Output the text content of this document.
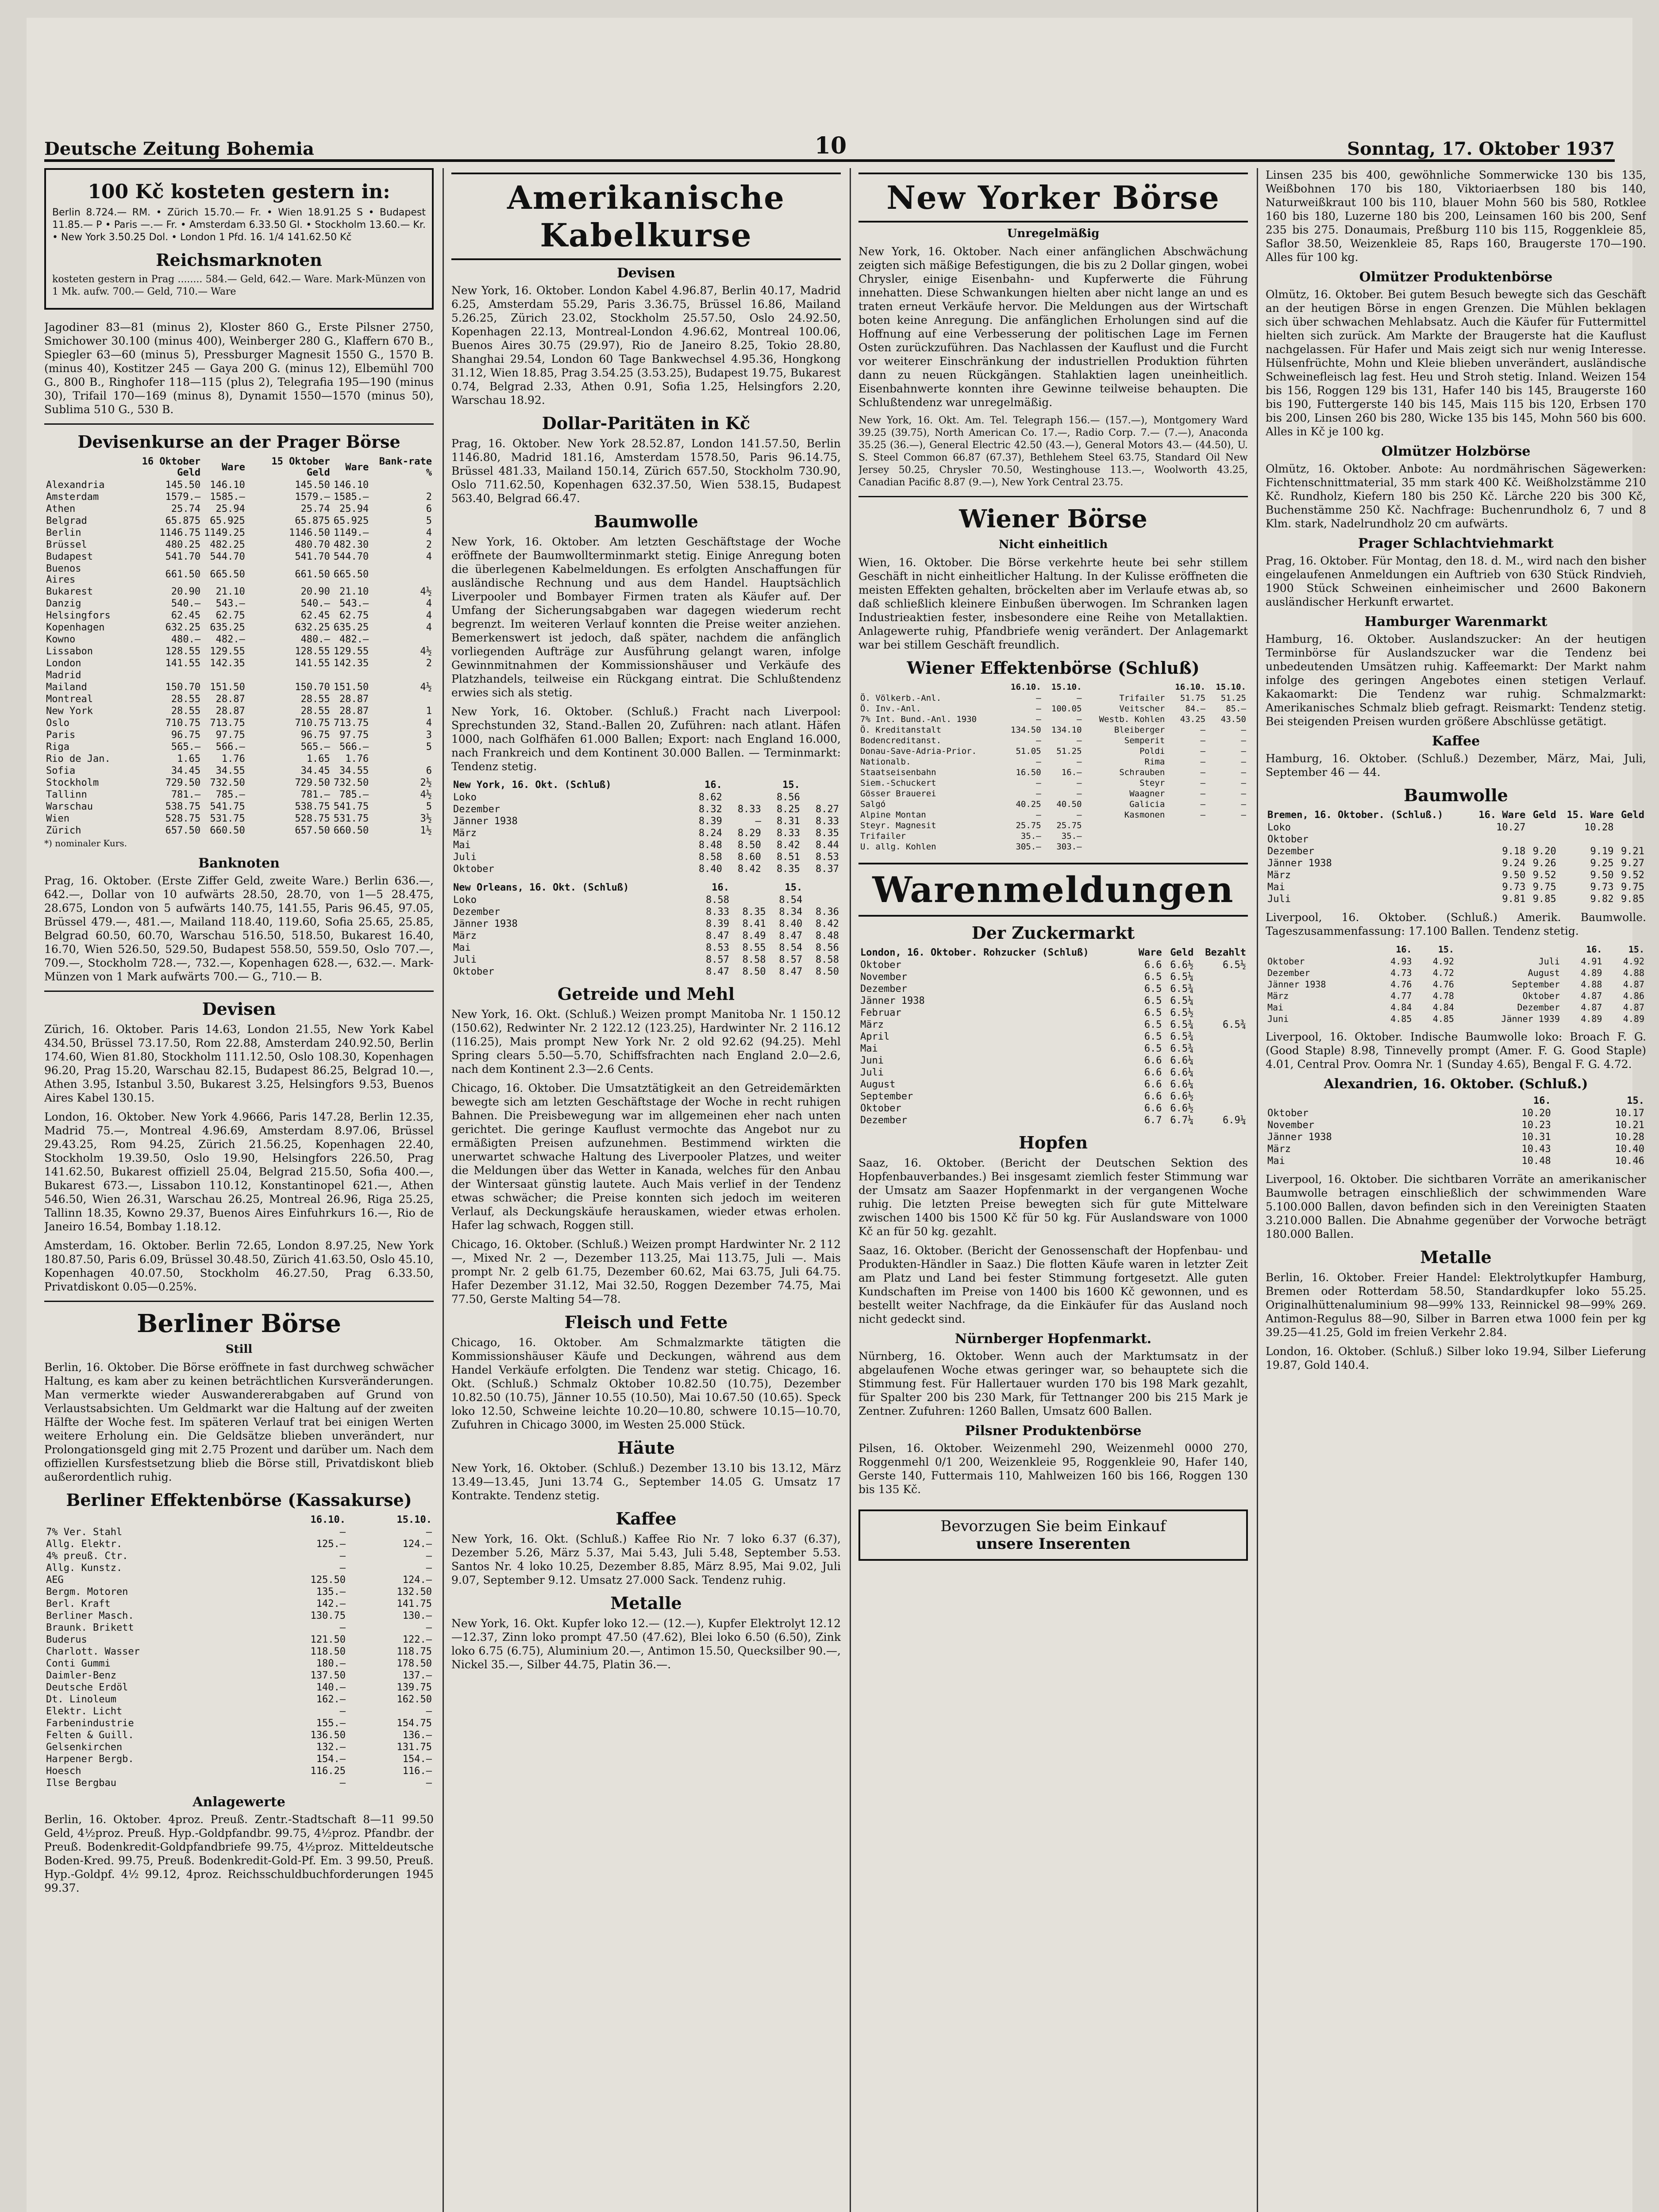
Deutsche Zeitung Bohemia	10	Sonntag, 17. Oktober 1937
100 Kč kosteten gestern in:

Berlin 8.724.— RM. • Zürich 15.70.— Fr. • Wien 18.91.25 S • Budapest 11.85.— P • Paris —.— Fr. • Amsterdam 6.33.50 Gl. • Stockholm 13.60.— Kr. • New York 3.50.25 Dol. • London 1 Pfd. 16. 1/4 141.62.50 Kč

Reichsmarknoten

kosteten gestern in Prag ........ 584.— Geld, 642.— Ware. Mark-Münzen von 1 Mk. aufw. 700.— Geld, 710.— Ware

Jagodiner 83—81 (minus 2), Kloster 860 G., Erste Pilsner 2750, Smichower 30.100 (minus 400), Weinberger 280 G., Klaffern 670 B., Spiegler 63—60 (minus 5), Pressburger Magnesit 1550 G., 1570 B. (minus 40), Kostitzer 245 — Gaya 200 G. (minus 12), Elbemühl 700 G., 800 B., Ringhofer 118—115 (plus 2), Telegrafia 195—190 (minus 30), Trifail 170—169 (minus 8), Dynamit 1550—1570 (minus 50), Sublima 510 G., 530 B.

Devisenkurse an der Prager Börse
	16 Oktober Geld	Ware	15 Oktober Geld	Ware	Bank-rate %
Alexandria	145.50	146.10	145.50	146.10	
Amsterdam	1579.—	1585.—	1579.—	1585.—	2
Athen	25.74	25.94	25.74	25.94	6
Belgrad	65.875	65.925	65.875	65.925	5
Berlin	1146.75	1149.25	1146.50	1149.—	4
Brüssel	480.25	482.25	480.70	482.30	2
Budapest	541.70	544.70	541.70	544.70	4
Buenos Aires	661.50	665.50	661.50	665.50	
Bukarest	20.90	21.10	20.90	21.10	4½
Danzig	540.—	543.—	540.—	543.—	4
Helsingfors	62.45	62.75	62.45	62.75	4
Kopenhagen	632.25	635.25	632.25	635.25	4
Kowno	480.—	482.—	480.—	482.—	
Lissabon	128.55	129.55	128.55	129.55	4½
London	141.55	142.35	141.55	142.35	2
Madrid					
Mailand	150.70	151.50	150.70	151.50	4½
Montreal	28.55	28.87	28.55	28.87	
New York	28.55	28.87	28.55	28.87	1
Oslo	710.75	713.75	710.75	713.75	4
Paris	96.75	97.75	96.75	97.75	3
Riga	565.—	566.—	565.—	566.—	5
Rio de Jan.	1.65	1.76	1.65	1.76	
Sofia	34.45	34.55	34.45	34.55	6
Stockholm	729.50	732.50	729.50	732.50	2½
Tallinn	781.—	785.—	781.—	785.—	4½
Warschau	538.75	541.75	538.75	541.75	5
Wien	528.75	531.75	528.75	531.75	3½
Zürich	657.50	660.50	657.50	660.50	1½

*) nominaler Kurs.

Banknoten

Prag, 16. Oktober. (Erste Ziffer Geld, zweite Ware.) Berlin 636.—, 642.—, Dollar von 10 aufwärts 28.50, 28.70, von 1—5 28.475, 28.675, London von 5 aufwärts 140.75, 141.55, Paris 96.45, 97.05, Brüssel 479.—, 481.—, Mailand 118.40, 119.60, Sofia 25.65, 25.85, Belgrad 60.50, 60.70, Warschau 516.50, 518.50, Bukarest 16.40, 16.70, Wien 526.50, 529.50, Budapest 558.50, 559.50, Oslo 707.—, 709.—, Stockholm 728.—, 732.—, Kopenhagen 628.—, 632.—. Mark-Münzen von 1 Mark aufwärts 700.— G., 710.— B.

Devisen

Zürich, 16. Oktober. Paris 14.63, London 21.55, New York Kabel 434.50, Brüssel 73.17.50, Rom 22.88, Amsterdam 240.92.50, Berlin 174.60, Wien 81.80, Stockholm 111.12.50, Oslo 108.30, Kopenhagen 96.20, Prag 15.20, Warschau 82.15, Budapest 86.25, Belgrad 10.—, Athen 3.95, Istanbul 3.50, Bukarest 3.25, Helsingfors 9.53, Buenos Aires Kabel 130.15.

London, 16. Oktober. New York 4.9666, Paris 147.28, Berlin 12.35, Madrid 75.—, Montreal 4.96.69, Amsterdam 8.97.06, Brüssel 29.43.25, Rom 94.25, Zürich 21.56.25, Kopenhagen 22.40, Stockholm 19.39.50, Oslo 19.90, Helsingfors 226.50, Prag 141.62.50, Bukarest offiziell 25.04, Belgrad 215.50, Sofia 400.—, Bukarest 673.—, Lissabon 110.12, Konstantinopel 621.—, Athen 546.50, Wien 26.31, Warschau 26.25, Montreal 26.96, Riga 25.25, Tallinn 18.35, Kowno 29.37, Buenos Aires Einfuhrkurs 16.—, Rio de Janeiro 16.54, Bombay 1.18.12.

Amsterdam, 16. Oktober. Berlin 72.65, London 8.97.25, New York 180.87.50, Paris 6.09, Brüssel 30.48.50, Zürich 41.63.50, Oslo 45.10, Kopenhagen 40.07.50, Stockholm 46.27.50, Prag 6.33.50, Privatdiskont 0.05—0.25%.

Berliner Börse
Still

Berlin, 16. Oktober. Die Börse eröffnete in fast durchweg schwächer Haltung, es kam aber zu keinen beträchtlichen Kursveränderungen. Man vermerkte wieder Auswandererabgaben auf Grund von Verlaustsabsichten. Um Geldmarkt war die Haltung auf der zweiten Hälfte der Woche fest. Im späteren Verlauf trat bei einigen Werten weitere Erholung ein. Die Geldsätze blieben unverändert, nur Prolongationsgeld ging mit 2.75 Prozent und darüber um. Nach dem offiziellen Kursfestsetzung blieb die Börse still, Privatdiskont blieb außerordentlich ruhig.

Berliner Effektenbörse (Kassakurse)
	16.10.	15.10.
7% Ver. Stahl	—	—
Allg. Elektr.	125.—	124.—
4% preuß. Ctr.	—	—
Allg. Kunstz.	—	—
AEG	125.50	124.—
Bergm. Motoren	135.—	132.50
Berl. Kraft	142.—	141.75
Berliner Masch.	130.75	130.—
Braunk. Brikett	—	—
Buderus	121.50	122.—
Charlott. Wasser	118.50	118.75
Conti Gummi	180.—	178.50
Daimler-Benz	137.50	137.—
Deutsche Erdöl	140.—	139.75
Dt. Linoleum	162.—	162.50
Elektr. Licht	—	—
Farbenindustrie	155.—	154.75
Felten & Guill.	136.50	136.—
Gelsenkirchen	132.—	131.75
Harpener Bergb.	154.—	154.—
Hoesch	116.25	116.—
Ilse Bergbau	—	—
Anlagewerte

Berlin, 16. Oktober. 4proz. Preuß. Zentr.-Stadtschaft 8—11 99.50 Geld, 4½proz. Preuß. Hyp.-Goldpfandbr. 99.75, 4½proz. Pfandbr. der Preuß. Bodenkredit-Goldpfandbriefe 99.75, 4½proz. Mitteldeutsche Boden-Kred. 99.75, Preuß. Bodenkredit-Gold-Pf. Em. 3 99.50, Preuß. Hyp.-Goldpf. 4½ 99.12, 4proz. Reichsschuldbuchforderungen 1945 99.37.

Amerikanische Kabelkurse
Devisen

New York, 16. Oktober. London Kabel 4.96.87, Berlin 40.17, Madrid 6.25, Amsterdam 55.29, Paris 3.36.75, Brüssel 16.86, Mailand 5.26.25, Zürich 23.02, Stockholm 25.57.50, Oslo 24.92.50, Kopenhagen 22.13, Montreal-London 4.96.62, Montreal 100.06, Buenos Aires 30.75 (29.97), Rio de Janeiro 8.25, Tokio 28.80, Shanghai 29.54, London 60 Tage Bankwechsel 4.95.36, Hongkong 31.12, Wien 18.85, Prag 3.54.25 (3.53.25), Budapest 19.75, Bukarest 0.74, Belgrad 2.33, Athen 0.91, Sofia 1.25, Helsingfors 2.20, Warschau 18.92.

Dollar-Paritäten in Kč

Prag, 16. Oktober. New York 28.52.87, London 141.57.50, Berlin 1146.80, Madrid 181.16, Amsterdam 1578.50, Paris 96.14.75, Brüssel 481.33, Mailand 150.14, Zürich 657.50, Stockholm 730.90, Oslo 711.62.50, Kopenhagen 632.37.50, Wien 538.15, Budapest 563.40, Belgrad 66.47.

Baumwolle

New York, 16. Oktober. Am letzten Geschäftstage der Woche eröffnete der Baumwollterminmarkt stetig. Einige Anregung boten die überlegenen Kabelmeldungen. Es erfolgten Anschaffungen für ausländische Rechnung und aus dem Handel. Hauptsächlich Liverpooler und Bombayer Firmen traten als Käufer auf. Der Umfang der Sicherungsabgaben war dagegen wiederum recht begrenzt. Im weiteren Verlauf konnten die Preise weiter anziehen. Bemerkenswert ist jedoch, daß später, nachdem die anfänglich vorliegenden Aufträge zur Ausführung gelangt waren, infolge Gewinnmitnahmen der Kommissionshäuser und Verkäufe des Platzhandels, teilweise ein Rückgang eintrat. Die Schlußtendenz erwies sich als stetig.

New York, 16. Oktober. (Schluß.) Fracht nach Liverpool: Sprechstunden 32, Stand.-Ballen 20, Zuführen: nach atlant. Häfen 1000, nach Golfhäfen 61.000 Ballen; Export: nach England 16.000, nach Frankreich und dem Kontinent 30.000 Ballen. — Terminmarkt: Tendenz stetig.

New York, 16. Okt. (Schluß)	16.		15.	
Loko	8.62		8.56	
Dezember	8.32	8.33	8.25	8.27
Jänner 1938	8.39	—	8.31	8.33
März	8.24	8.29	8.33	8.35
Mai	8.48	8.50	8.42	8.44
Juli	8.58	8.60	8.51	8.53
Oktober	8.40	8.42	8.35	8.37
New Orleans, 16. Okt. (Schluß)	16.		15.	
Loko	8.58		8.54	
Dezember	8.33	8.35	8.34	8.36
Jänner 1938	8.39	8.41	8.40	8.42
März	8.47	8.49	8.47	8.48
Mai	8.53	8.55	8.54	8.56
Juli	8.57	8.58	8.57	8.58
Oktober	8.47	8.50	8.47	8.50
Getreide und Mehl

New York, 16. Okt. (Schluß.) Weizen prompt Manitoba Nr. 1 150.12 (150.62), Redwinter Nr. 2 122.12 (123.25), Hardwinter Nr. 2 116.12 (116.25), Mais prompt New York Nr. 2 old 92.62 (94.25). Mehl Spring clears 5.50—5.70, Schiffsfrachten nach England 2.0—2.6, nach dem Kontinent 2.3—2.6 Cents.

Chicago, 16. Oktober. Die Umsatztätigkeit an den Getreidemärkten bewegte sich am letzten Geschäftstage der Woche in recht ruhigen Bahnen. Die Preisbewegung war im allgemeinen eher nach unten gerichtet. Die geringe Kauflust vermochte das Angebot nur zu ermäßigten Preisen aufzunehmen. Bestimmend wirkten die unerwartet schwache Haltung des Liverpooler Platzes, und weiter die Meldungen über das Wetter in Kanada, welches für den Anbau der Wintersaat günstig lautete. Auch Mais verlief in der Tendenz etwas schwächer; die Preise konnten sich jedoch im weiteren Verlauf, als Deckungskäufe herauskamen, wieder etwas erholen. Hafer lag schwach, Roggen still.

Chicago, 16. Oktober. (Schluß.) Weizen prompt Hardwinter Nr. 2 112—, Mixed Nr. 2 —, Dezember 113.25, Mai 113.75, Juli —. Mais prompt Nr. 2 gelb 61.75, Dezember 60.62, Mai 63.75, Juli 64.75. Hafer Dezember 31.12, Mai 32.50, Roggen Dezember 74.75, Mai 77.50, Gerste Malting 54—78.

Fleisch und Fette

Chicago, 16. Oktober. Am Schmalzmarkte tätigten die Kommissionshäuser Käufe und Deckungen, während aus dem Handel Verkäufe erfolgten. Die Tendenz war stetig. Chicago, 16. Okt. (Schluß.) Schmalz Oktober 10.82.50 (10.75), Dezember 10.82.50 (10.75), Jänner 10.55 (10.50), Mai 10.67.50 (10.65). Speck loko 12.50, Schweine leichte 10.20—10.80, schwere 10.15—10.70, Zufuhren in Chicago 3000, im Westen 25.000 Stück.

Häute

New York, 16. Oktober. (Schluß.) Dezember 13.10 bis 13.12, März 13.49—13.45, Juni 13.74 G., September 14.05 G. Umsatz 17 Kontrakte. Tendenz stetig.

Kaffee

New York, 16. Okt. (Schluß.) Kaffee Rio Nr. 7 loko 6.37 (6.37), Dezember 5.26, März 5.37, Mai 5.43, Juli 5.48, September 5.53. Santos Nr. 4 loko 10.25, Dezember 8.85, März 8.95, Mai 9.02, Juli 9.07, September 9.12. Umsatz 27.000 Sack. Tendenz ruhig.

Metalle

New York, 16. Okt. Kupfer loko 12.— (12.—), Kupfer Elektrolyt 12.12—12.37, Zinn loko prompt 47.50 (47.62), Blei loko 6.50 (6.50), Zink loko 6.75 (6.75), Aluminium 20.—, Antimon 15.50, Quecksilber 90.—, Nickel 35.—, Silber 44.75, Platin 36.—.

New Yorker Börse
Unregelmäßig

New York, 16. Oktober. Nach einer anfänglichen Abschwächung zeigten sich mäßige Befestigungen, die bis zu 2 Dollar gingen, wobei Chrysler, einige Eisenbahn- und Kupferwerte die Führung innehatten. Diese Schwankungen hielten aber nicht lange an und es traten erneut Verkäufe hervor. Die Meldungen aus der Wirtschaft boten keine Anregung. Die anfänglichen Erholungen sind auf die Hoffnung auf eine Verbesserung der politischen Lage im Fernen Osten zurückzuführen. Das Nachlassen der Kauflust und die Furcht vor weiterer Einschränkung der industriellen Produktion führten dann zu neuen Rückgängen. Stahlaktien lagen uneinheitlich. Eisenbahnwerte konnten ihre Gewinne teilweise behaupten. Die Schlußtendenz war unregelmäßig.

New York, 16. Okt. Am. Tel. Telegraph 156.— (157.—), Montgomery Ward 39.25 (39.75), North American Co. 17.—, Radio Corp. 7.— (7.—), Anaconda 35.25 (36.—), General Electric 42.50 (43.—), General Motors 43.— (44.50), U. S. Steel Common 66.87 (67.37), Bethlehem Steel 63.75, Standard Oil New Jersey 50.25, Chrysler 70.50, Westinghouse 113.—, Woolworth 43.25, Canadian Pacific 8.87 (9.—), New York Central 23.75.

Wiener Börse
Nicht einheitlich

Wien, 16. Oktober. Die Börse verkehrte heute bei sehr stillem Geschäft in nicht einheitlicher Haltung. In der Kulisse eröffneten die meisten Effekten gehalten, bröckelten aber im Verlaufe etwas ab, so daß schließlich kleinere Einbußen überwogen. Im Schranken lagen Industrieaktien fester, insbesondere eine Reihe von Metallaktien. Anlagewerte ruhig, Pfandbriefe wenig verändert. Der Anlagemarkt war bei stillem Geschäft freundlich.

Wiener Effektenbörse (Schluß)
	16.10.	15.10.		16.10.	15.10.
Ö. Völkerb.-Anl.	—	—	Trifailer	51.75	51.25
Ö. Inv.-Anl.	—	100.05	Veitscher	84.—	85.—
7% Int. Bund.-Anl. 1930	—	—	Westb. Kohlen	43.25	43.50
Ö. Kreditanstalt	134.50	134.10	Bleiberger	—	—
Bodencreditanst.	—	—	Semperit	—	—
Donau-Save-Adria-Prior.	51.05	51.25	Poldi	—	—
Nationalb.	—	—	Rima	—	—
Staatseisenbahn	16.50	16.—	Schrauben	—	—
Siem.-Schuckert	—	—	Steyr	—	—
Gösser Brauerei	—	—	Waagner	—	—
Salgó	40.25	40.50	Galicia	—	—
Alpine Montan	—	—	Kasmonen	—	—
Steyr. Magnesit	25.75	25.75			
Trifailer	35.—	35.—			
U. allg. Kohlen	305.—	303.—			
Warenmeldungen
Der Zuckermarkt
London, 16. Oktober. Rohzucker (Schluß)	Ware	Geld	Bezahlt
Oktober	6.6	6.6½	6.5½
November	6.5	6.5¼	
Dezember	6.5	6.5¾	
Jänner 1938	6.5	6.5¼	
Februar	6.5	6.5½	
März	6.5	6.5¾	6.5¾
April	6.5	6.5¾	
Mai	6.5	6.5¾	
Juni	6.6	6.6¼	
Juli	6.6	6.6¼	
August	6.6	6.6¼	
September	6.6	6.6½	
Oktober	6.6	6.6½	
Dezember	6.7	6.7¼	6.9¼
Hopfen

Saaz, 16. Oktober. (Bericht der Deutschen Sektion des Hopfenbauverbandes.) Bei insgesamt ziemlich fester Stimmung war der Umsatz am Saazer Hopfenmarkt in der vergangenen Woche ruhig. Die letzten Preise bewegten sich für gute Mittelware zwischen 1400 bis 1500 Kč für 50 kg. Für Auslandsware von 1000 Kč an für 50 kg. gezahlt.

Saaz, 16. Oktober. (Bericht der Genossenschaft der Hopfenbau- und Produkten-Händler in Saaz.) Die flotten Käufe waren in letzter Zeit am Platz und Land bei fester Stimmung fortgesetzt. Alle guten Kundschaften im Preise von 1400 bis 1600 Kč gewonnen, und es bestellt weiter Nachfrage, da die Einkäufer für das Ausland noch nicht gedeckt sind.

Nürnberger Hopfenmarkt.

Nürnberg, 16. Oktober. Wenn auch der Marktumsatz in der abgelaufenen Woche etwas geringer war, so behauptete sich die Stimmung fest. Für Hallertauer wurden 170 bis 198 Mark gezahlt, für Spalter 200 bis 230 Mark, für Tettnanger 200 bis 215 Mark je Zentner. Zufuhren: 1260 Ballen, Umsatz 600 Ballen.

Pilsner Produktenbörse

Pilsen, 16. Oktober. Weizenmehl 290, Weizenmehl 0000 270, Roggenmehl 0/1 200, Weizenkleie 95, Roggenkleie 90, Hafer 140, Gerste 140, Futtermais 110, Mahlweizen 160 bis 166, Roggen 130 bis 135 Kč.

Bevorzugen Sie beim Einkauf
unsere Inserenten

Linsen 235 bis 400, gewöhnliche Sommerwicke 130 bis 135, Weißbohnen 170 bis 180, Viktoriaerbsen 180 bis 140, Naturweißkraut 100 bis 110, blauer Mohn 560 bis 580, Rotklee 160 bis 180, Luzerne 180 bis 200, Leinsamen 160 bis 200, Senf 235 bis 275. Donaumais, Preßburg 110 bis 115, Roggenkleie 85, Saflor 38.50, Weizenkleie 85, Raps 160, Braugerste 170—190. Alles für 100 kg.

Olmützer Produktenbörse

Olmütz, 16. Oktober. Bei gutem Besuch bewegte sich das Geschäft an der heutigen Börse in engen Grenzen. Die Mühlen beklagen sich über schwachen Mehlabsatz. Auch die Käufer für Futtermittel hielten sich zurück. Am Markte der Braugerste hat die Kauflust nachgelassen. Für Hafer und Mais zeigt sich nur wenig Interesse. Hülsenfrüchte, Mohn und Kleie blieben unverändert, ausländische Schweinefleisch lag fest. Heu und Stroh stetig. Inland. Weizen 154 bis 156, Roggen 129 bis 131, Hafer 140 bis 145, Braugerste 160 bis 190, Futtergerste 140 bis 145, Mais 115 bis 120, Erbsen 170 bis 200, Linsen 260 bis 280, Wicke 135 bis 145, Mohn 560 bis 600. Alles in Kč je 100 kg.

Olmützer Holzbörse

Olmütz, 16. Oktober. Anbote: Au nordmährischen Sägewerken: Fichtenschnittmaterial, 35 mm stark 400 Kč. Weißholzstämme 210 Kč. Rundholz, Kiefern 180 bis 250 Kč. Lärche 220 bis 300 Kč, Buchenstämme 250 Kč. Nachfrage: Buchenrundholz 6, 7 und 8 Klm. stark, Nadelrundholz 20 cm aufwärts.

Prager Schlachtviehmarkt

Prag, 16. Oktober. Für Montag, den 18. d. M., wird nach den bisher eingelaufenen Anmeldungen ein Auftrieb von 630 Stück Rindvieh, 1900 Stück Schweinen einheimischer und 2600 Bakonern ausländischer Herkunft erwartet.

Hamburger Warenmarkt

Hamburg, 16. Oktober. Auslandszucker: An der heutigen Terminbörse für Auslandszucker war die Tendenz bei unbedeutenden Umsätzen ruhig. Kaffeemarkt: Der Markt nahm infolge des geringen Angebotes einen stetigen Verlauf. Kakaomarkt: Die Tendenz war ruhig. Schmalzmarkt: Amerikanisches Schmalz blieb gefragt. Reismarkt: Tendenz stetig. Bei steigenden Preisen wurden größere Abschlüsse getätigt.

Kaffee

Hamburg, 16. Oktober. (Schluß.) Dezember, März, Mai, Juli, September 46 — 44.

Baumwolle
Bremen, 16. Oktober. (Schluß.)	16. Ware	Geld	15. Ware	Geld
Loko	10.27		10.28	
Oktober				
Dezember	9.18	9.20	9.19	9.21
Jänner 1938	9.24	9.26	9.25	9.27
März	9.50	9.52	9.50	9.52
Mai	9.73	9.75	9.73	9.75
Juli	9.81	9.85	9.82	9.85

Liverpool, 16. Oktober. (Schluß.) Amerik. Baumwolle. Tageszusammenfassung: 17.100 Ballen. Tendenz stetig.

	16.	15.		16.	15.
Oktober	4.93	4.92	Juli	4.91	4.92
Dezember	4.73	4.72	August	4.89	4.88
Jänner 1938	4.76	4.76	September	4.88	4.87
März	4.77	4.78	Oktober	4.87	4.86
Mai	4.84	4.84	Dezember	4.87	4.87
Juni	4.85	4.85	Jänner 1939	4.89	4.89

Liverpool, 16. Oktober. Indische Baumwolle loko: Broach F. G. (Good Staple) 8.98, Tinnevelly prompt (Amer. F. G. Good Staple) 4.01, Central Prov. Oomra Nr. 1 (Sunday 4.65), Bengal F. G. 4.72.

Alexandrien, 16. Oktober. (Schluß.)
	16.	15.
Oktober	10.20	10.17
November	10.23	10.21
Jänner 1938	10.31	10.28
März	10.43	10.40
Mai	10.48	10.46

Liverpool, 16. Oktober. Die sichtbaren Vorräte an amerikanischer Baumwolle betragen einschließlich der schwimmenden Ware 5.100.000 Ballen, davon befinden sich in den Vereinigten Staaten 3.210.000 Ballen. Die Abnahme gegenüber der Vorwoche beträgt 180.000 Ballen.

Metalle

Berlin, 16. Oktober. Freier Handel: Elektrolytkupfer Hamburg, Bremen oder Rotterdam 58.50, Standardkupfer loko 55.25. Originalhüttenaluminium 98—99% 133, Reinnickel 98—99% 269. Antimon-Regulus 88—90, Silber in Barren etwa 1000 fein per kg 39.25—41.25, Gold im freien Verkehr 2.84.

London, 16. Oktober. (Schluß.) Silber loko 19.94, Silber Lieferung 19.87, Gold 140.4.
